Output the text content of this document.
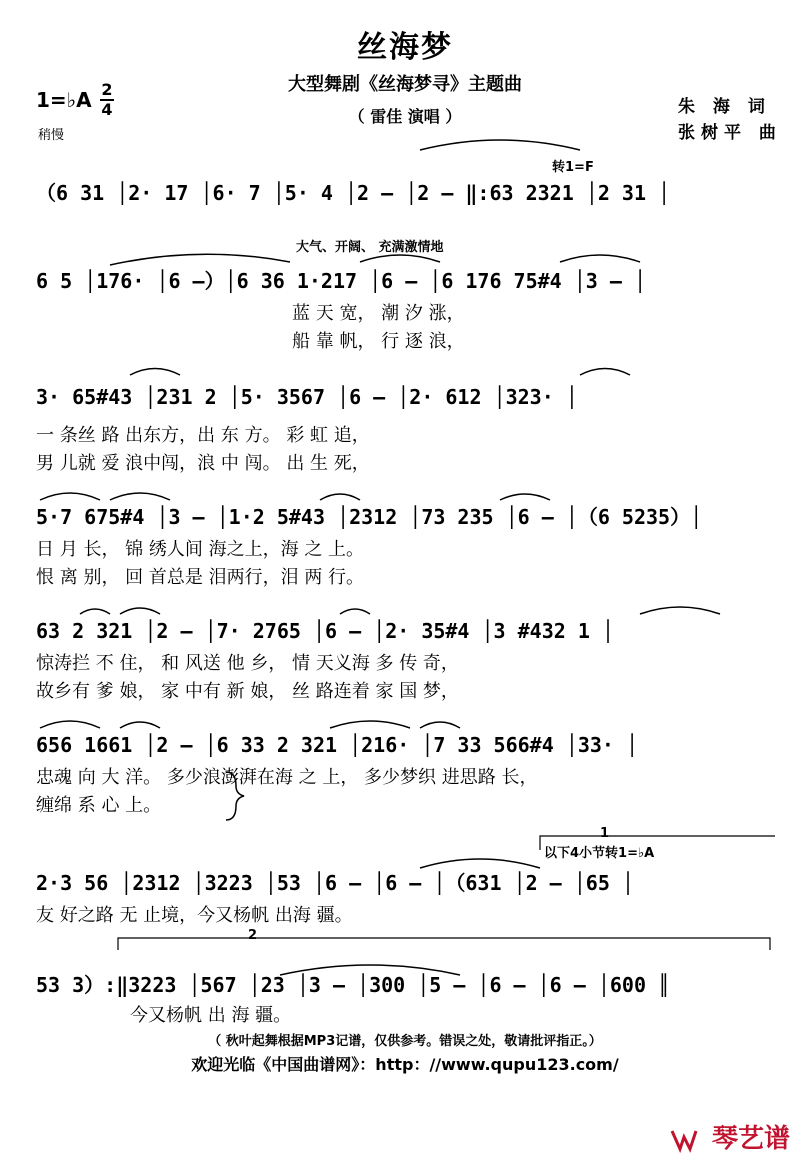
丝海梦
大型舞剧《丝海梦寻》主题曲
（ 雷佳 演唱 ）
1=♭A 2
4
稍慢
朱 海 词
张树平 曲
转1=F
大气、开阔、 充满激情地
以下4小节转1=♭A
1
2
（6 31 │2· 17 │6· 7 │5· 4 │2 – │2 – ‖:63 2321 │2 31 │
6 5 │176· │6 –）│6 36 1·217 │6 – │6 176 75#4 │3 – │
蓝 天 宽， 潮 汐 涨，
船 靠 帆， 行 逐 浪，
3· 65#43 │231 2 │5· 3567 │6 – │2· 612 │323· │
一 条丝 路 出东方，出 东 方。 彩 虹 追，
男 儿就 爱 浪中闯，浪 中 闯。 出 生 死，
5·7 675#4 │3 – │1·2 5#43 │2312 │73 235 │6 – │（6 5235）│
日 月 长， 锦 绣人间 海之上，海 之 上。
恨 离 别， 回 首总是 泪两行，泪 两 行。
63 2 321 │2 – │7· 2765 │6 – │2· 35#4 │3 #432 1 │
惊涛拦 不 住， 和 风送 他 乡， 情 天义海 多 传 奇，
故乡有 爹 娘， 家 中有 新 娘， 丝 路连着 家 国 梦，
656 1661 │2 – │6 33 2 321 │216· │7 33 566#4 │33· │
忠魂 向 大 洋。 多少浪澎湃在海 之 上， 多少梦织 进思路 长，
缠绵 系 心 上。
2·3 56 │2312 │3223 │53 │6 – │6 – │（631 │2 – │65 │
友 好之路 无 止境，今又杨帆 出海 疆。
53 3）:‖3223 │567 │23 │3 – │300 │5 – │6 – │6 – │600 ║
今又杨帆 出 海 疆。
（ 秋叶起舞根据MP3记谱，仅供参考。错误之处，敬请批评指正。）
欢迎光临《中国曲谱网》：http：//www.qupu123.com/
琴艺谱
